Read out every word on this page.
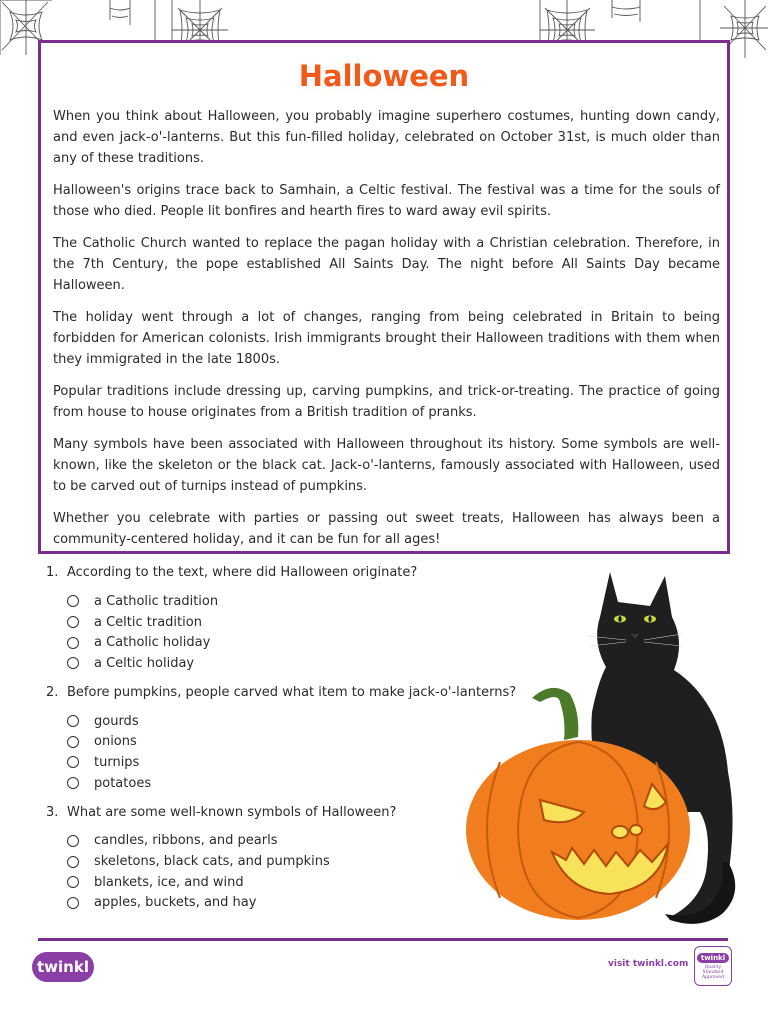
Halloween

When you think about Halloween, you probably imagine superhero costumes, hunting down candy, and even jack-o'-lanterns. But this fun-filled holiday, celebrated on October 31st, is much older than any of these traditions.

Halloween's origins trace back to Samhain, a Celtic festival. The festival was a time for the souls of those who died. People lit bonfires and hearth fires to ward away evil spirits.

The Catholic Church wanted to replace the pagan holiday with a Christian celebration. Therefore, in the 7th Century, the pope established All Saints Day. The night before All Saints Day became Halloween.

The holiday went through a lot of changes, ranging from being celebrated in Britain to being forbidden for American colonists. Irish immigrants brought their Halloween traditions with them when they immigrated in the late 1800s.

Popular traditions include dressing up, carving pumpkins, and trick-or-treating. The practice of going from house to house originates from a British tradition of pranks.

Many symbols have been associated with Halloween throughout its history. Some symbols are well-known, like the skeleton or the black cat. Jack-o'-lanterns, famously associated with Halloween, used to be carved out of turnips instead of pumpkins.

Whether you celebrate with parties or passing out sweet treats, Halloween has always been a community-centered holiday, and it can be fun for all ages!

1. According to the text, where did Halloween originate?
a Catholic tradition
a Celtic tradition
a Catholic holiday
a Celtic holiday
2. Before pumpkins, people carved what item to make jack-o'-lanterns?
gourds
onions
turnips
potatoes
3. What are some well-known symbols of Halloween?
candles, ribbons, and pearls
skeletons, black cats, and pumpkins
blankets, ice, and wind
apples, buckets, and hay
twinkl	visit twinkl.com
twinkl
Quality Standard Approved
